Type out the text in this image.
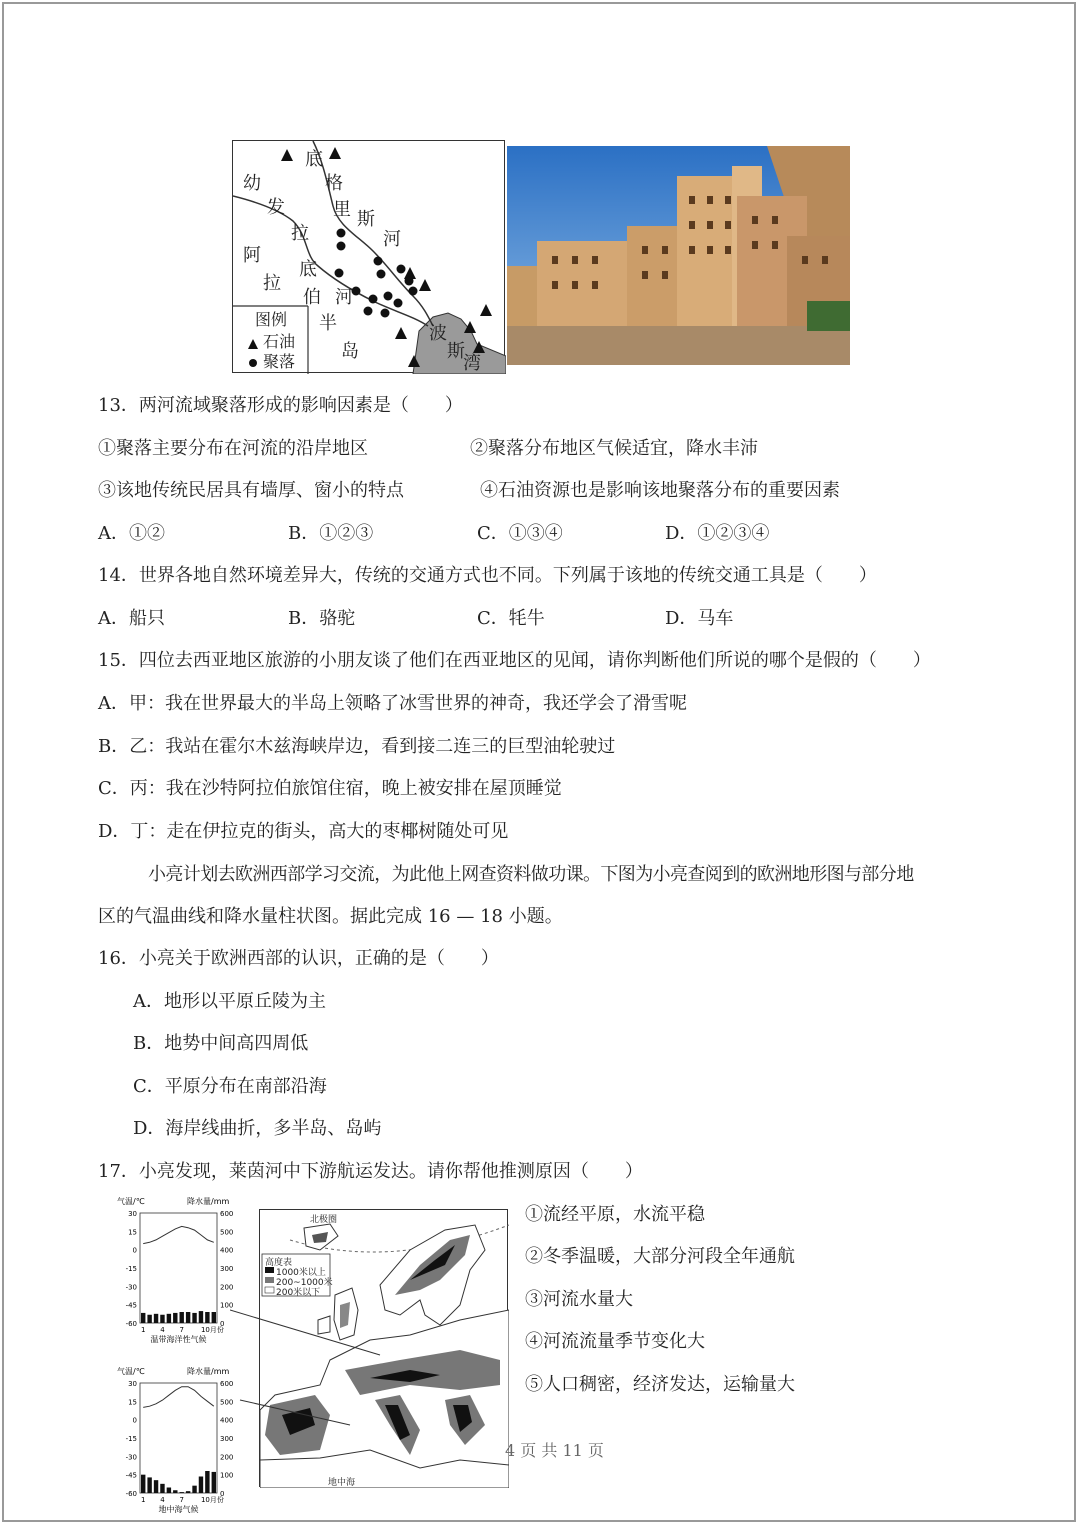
底
格
里 斯
河
幼
发
拉
底
河
阿
拉
伯
半
岛
波
斯
湾
图例
石油
聚落
13．两河流域聚落形成的影响因素是（　　）
①聚落主要分布在河流的沿岸地区	②聚落分布地区气候适宜，降水丰沛
③该地传统民居具有墙厚、窗小的特点	④石油资源也是影响该地聚落分布的重要因素
A．①②	B．①②③	C．①③④	D．①②③④
14．世界各地自然环境差异大，传统的交通方式也不同。下列属于该地的传统交通工具是（　　）
A．船只	B．骆驼	C．牦牛	D．马车
15．四位去西亚地区旅游的小朋友谈了他们在西亚地区的见闻，请你判断他们所说的哪个是假的（　　）
A．甲：我在世界最大的半岛上领略了冰雪世界的神奇，我还学会了滑雪呢
B．乙：我站在霍尔木兹海峡岸边，看到接二连三的巨型油轮驶过
C．丙：我在沙特阿拉伯旅馆住宿，晚上被安排在屋顶睡觉
D．丁：走在伊拉克的街头，高大的枣椰树随处可见
小亮计划去欧洲西部学习交流，为此他上网查资料做功课。下图为小亮查阅到的欧洲地形图与部分地
区的气温曲线和降水量柱状图。据此完成 16 — 18 小题。
16．小亮关于欧洲西部的认识，正确的是（　　）
A．地形以平原丘陵为主
B．地势中间高四周低
C．平原分布在南部沿海
D．海岸线曲折，多半岛、岛屿
17．小亮发现，莱茵河中下游航运发达。请你帮他推测原因（　　）
①流经平原，水流平稳
②冬季温暖，大部分河段全年通航
③河流水量大
④河流流量季节变化大
⑤人口稠密，经济发达，运输量大
气温/℃	降水量/mm
30
15
0
-15
-30
-45
-60
600
500
400
300
200
100
0
1 4 7 10月份
温带海洋性气候
气温/℃	降水量/mm
30
15
0
-15
-30
-45
-60
600
500
400
300
200
100
0
1 4 7 10月份
地中海气候
高度表
1000米以上
200~1000米
200米以下
北极圈
地中海
4 页 共 11 页
